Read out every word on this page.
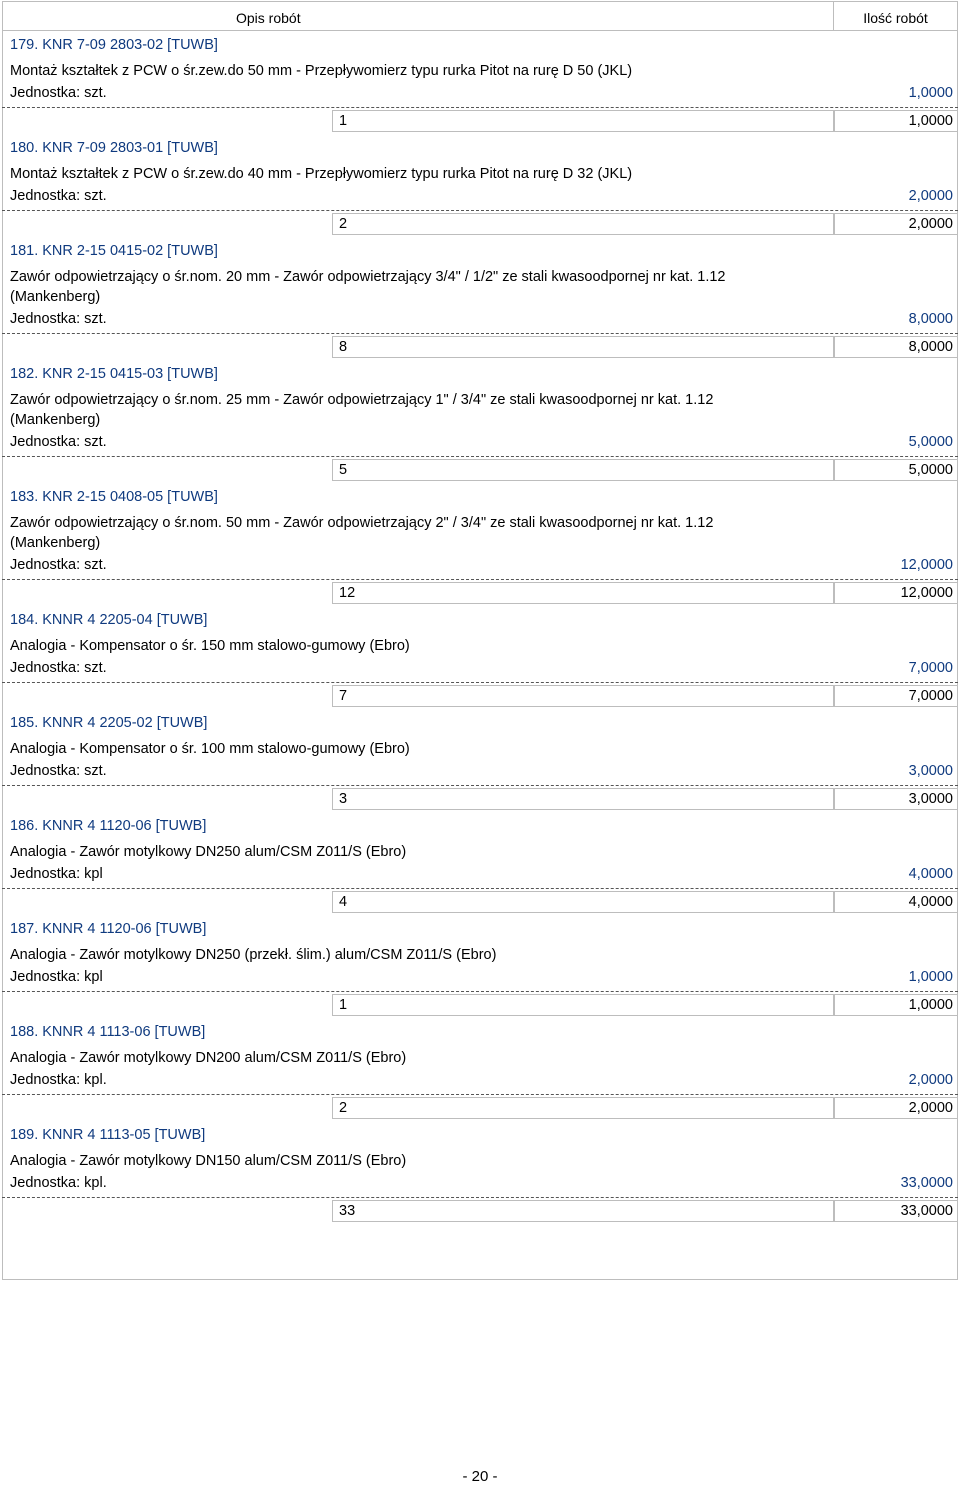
Opis robót	Ilość robót
179. KNR 7-09 2803-02 [TUWB]
Montaż kształtek z PCW o śr.zew.do 50 mm - Przepływomierz typu rurka Pitot na rurę D 50 (JKL)
Jednostka: szt.	1,0000
1	1,0000
180. KNR 7-09 2803-01 [TUWB]
Montaż kształtek z PCW o śr.zew.do 40 mm - Przepływomierz typu rurka Pitot na rurę D 32 (JKL)
Jednostka: szt.	2,0000
2	2,0000
181. KNR 2-15 0415-02 [TUWB]
Zawór odpowietrzający o śr.nom. 20 mm - Zawór odpowietrzający 3/4" / 1/2" ze stali kwasoodpornej nr kat. 1.12
(Mankenberg)
Jednostka: szt.	8,0000
8	8,0000
182. KNR 2-15 0415-03 [TUWB]
Zawór odpowietrzający o śr.nom. 25 mm - Zawór odpowietrzający 1" / 3/4" ze stali kwasoodpornej nr kat. 1.12
(Mankenberg)
Jednostka: szt.	5,0000
5	5,0000
183. KNR 2-15 0408-05 [TUWB]
Zawór odpowietrzający o śr.nom. 50 mm - Zawór odpowietrzający 2" / 3/4" ze stali kwasoodpornej nr kat. 1.12
(Mankenberg)
Jednostka: szt.	12,0000
12	12,0000
184. KNNR 4 2205-04 [TUWB]
Analogia - Kompensator o śr. 150 mm stalowo-gumowy (Ebro)
Jednostka: szt.	7,0000
7	7,0000
185. KNNR 4 2205-02 [TUWB]
Analogia - Kompensator o śr. 100 mm stalowo-gumowy (Ebro)
Jednostka: szt.	3,0000
3	3,0000
186. KNNR 4 1120-06 [TUWB]
Analogia - Zawór motylkowy DN250 alum/CSM Z011/S (Ebro)
Jednostka: kpl	4,0000
4	4,0000
187. KNNR 4 1120-06 [TUWB]
Analogia - Zawór motylkowy DN250 (przekł. ślim.) alum/CSM Z011/S (Ebro)
Jednostka: kpl	1,0000
1	1,0000
188. KNNR 4 1113-06 [TUWB]
Analogia - Zawór motylkowy DN200 alum/CSM Z011/S (Ebro)
Jednostka: kpl.	2,0000
2	2,0000
189. KNNR 4 1113-05 [TUWB]
Analogia - Zawór motylkowy DN150 alum/CSM Z011/S (Ebro)
Jednostka: kpl.	33,0000
33	33,0000
- 20 -
